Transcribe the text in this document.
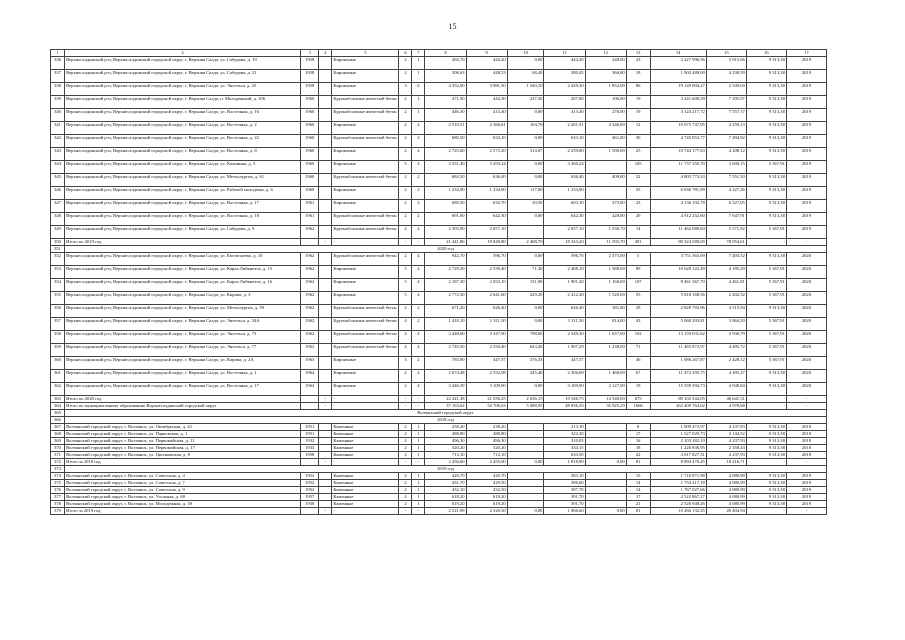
15
1	2	3	4	5	6	7	8	9	10	11	12	13	14	15	16	17
336	Верхнесалдинский р-н, Верхнесалдинский городской округ, г. Верхняя Салда, ул. Сабурова, д. 19	1958		Кирпичные	2	1	494,70	444,20	0,00	444,20	248,00	23	2 227 996,56	5 015,66	9 313,38	2019
337	Верхнесалдинский р-н, Верхнесалдинский городской округ, г. Верхняя Салда, ул. Сабурова, д. 21	1958		Кирпичные	2	1	506,63	448,53	68,40	380,45	366,00	18	1 902 489,00	4 238,59	9 313,38	2019
338	Верхнесалдинский р-н, Верхнесалдинский городской округ, г. Верхняя Салда, ул. Энгельса, д. 25	1958		Кирпичные	3	6	4 352,00	3 981,50	1 540,10	2 429,30	1 852,00	86	19 149 004,27	2 549,04	9 313,38	2019
339	Верхнесалдинский р-н, Верхнесалдинский городской округ, г. Верхняя Салда, п. Молодежный, д. 106	1960		Крупноблочные ячеистый бетон	2	1	471,50	444,30	237,30	207,00	106,00	19	3 241 600,59	7 295,97	9 313,38	2019
340	Верхнесалдинский р-н, Верхнесалдинский городской округ, г. Верхняя Салда, ул. Восточная, д. 16	1960		Крупноблочные ячеистый бетон	2	1	446,30	413,40	0,00	413,40	276,00	19	3 124 217,72	7 557,37	9 313,38	2019
341	Верхнесалдинский р-н, Верхнесалдинский городской округ, г. Верхняя Салда, ул. Восточная, д. 2	1960		Кирпичные	2	4	2 510,51	2 366,61	104,70	2 261,91	4 346,00	12	10 075 747,95	4 259,13	9 313,38	2019
342	Верхнесалдинский р-н, Верхнесалдинский городской округ, г. Верхняя Салда, ул. Восточная, д. 22	1960		Крупноблочные ячеистый бетон	2	2	680,50	633,10	0,00	633,10	461,00	30	4 745 053,77	7 494,92	9 313,38	2019
343	Верхнесалдинский р-н, Верхнесалдинский городской округ, г. Верхняя Салда, ул. Восточная, д. 8	1960		Кирпичные	2	4	2 725,60	2 573,20	314,07	2 259,80	1 590,00	25	10 744 177,63	4 208,12	9 313,38	2019
344	Верхнесалдинский р-н, Верхнесалдинский городской округ, г. Верхняя Салда, ул. Калинина, д. 5	1960		Кирпичные	5	4	3 551,40	3 293,24	0,00	3 260,24		105	11 737 350,70	3 600,15	5 367,91	2019
345	Верхнесалдинский р-н, Верхнесалдинский городской округ, г. Верхняя Салда, ул. Металлургов, д. 61	1960		Крупноблочные ячеистый бетон	2	2	684,50	636,40	0,00	636,40	409,00	22	4 805 773,33	7 551,50	9 313,38	2019
346	Верхнесалдинский р-н, Верхнесалдинский городской округ, г. Верхняя Салда, ул. Рабочей молодежи, д. 6	1960		Кирпичные	2	2	1 234,90	1 234,90	117,00	1 234,90		35	6 036 781,99	4 327,26	9 313,38	2019
347	Верхнесалдинский р-н, Верхнесалдинский городской округ, г. Верхняя Салда, ул. Восточная, д. 17	1961		Кирпичные	2	2	680,50	633,70	30,50	603,10	375,00	23	4 136 192,78	6 527,05	9 313,38	2019
348	Верхнесалдинский р-н, Верхнесалдинский городской округ, г. Верхняя Салда, ул. Восточная, д. 18	1961		Крупноблочные ячеистый бетон	2	2	691,00	642,30	0,00	642,30	428,00	29	4 912 252,60	7 647,91	9 313,38	2019
349	Верхнесалдинский р-н, Верхнесалдинский городской округ, г. Верхняя Салда, ул. Сабурова, д. 9	1962		Крупноблочные ячеистый бетон	4	4	2 303,90	2 057,10		2 057,10	1 536,70	14	11 462 080,84	5 571,92	5 367,91	2019
350	Итого по 2019 год		-	-	-	-	21 441,86	19 849,80	2 408,70	18 343,20	11 593,70	491	89 324 580,65	78 054,61	-	-
351	2020 год															
352	Верхнесалдинский р-н, Верхнесалдинский городской округ, г. Верхняя Салда, ул. Евстигнеева, д. 10	1962		Крупноблочные ячеистый бетон	2	4	942,70	596,70	0,00	596,70	2 575,00	5	3 751 365,69	7 403,52	9 313,38	2020
353	Верхнесалдинский р-н, Верхнесалдинский городской округ, г. Верхняя Салда, ул. Карла Либкнехта, д. 15	1962		Кирпичные	5	4	2 729,30	2 539,40	71,30	2 468,10	1 588,00	89	10 628 122,49	4 185,29	5 367,91	2020
354	Верхнесалдинский р-н, Верхнесалдинский городской округ, г. Верхняя Салда, ул. Карла Либкнехта, д. 16	1962		Кирпичные	5	4	2 187,30	2 053,10	151,90	1 901,20	1 160,00	107	8 461 367,70	4 461,81	5 367,91	2020
355	Верхнесалдинский р-н, Верхнесалдинский городской округ, г. Верхняя Салда, ул. Кирова, д. 3	1962		Кирпичные	5	4	2 772,30	2 641,60	229,20	2 412,40	1 520,00	55	5 818 168,56	2 202,52	5 367,91	2020
356	Верхнесалдинский р-н, Верхнесалдинский городской округ, г. Верхняя Салда, ул. Металлургов, д. 59	1962		Крупноблочные ячеистый бетон	2	2	671,20	626,40	0,00	626,40	381,00	29	2 828 783,96	4 515,94	9 313,38	2020
357	Верхнесалдинский р-н, Верхнесалдинский городской округ, г. Верхняя Салда, ул. Энгельса, д. 34А	1962		Крупноблочные ячеистый бетон	4	2	1 410,10	1 311,50	0,00	1 311,50	814,00	43	5 068 293,81	3 864,50	5 367,91	2020
358	Верхнесалдинский р-н, Верхнесалдинский городской округ, г. Верхняя Салда, ул. Энгельса, д. 73	1962		Крупноблочные ячеистый бетон	4	4	3 448,60	3 347,90	798,60	2 549,30	1 657,00	102	13 159 031,62	3 930,79	5 367,91	2020
359	Верхнесалдинский р-н, Верхнесалдинский городской округ, г. Верхняя Салда, ул. Энгельса, д. 77	1962		Крупноблочные ячеистый бетон	4	4	2 745,50	2 550,40	643,20	1 907,29	1 238,00	71	11 465 873,97	4 495,72	5 367,91	2020
360	Верхнесалдинский р-н, Верхнесалдинский городской округ, г. Верхняя Салда, ул. Кирова, д. 2А	1963		Кирпичные	3	2	783,90	447,37	376,33	447,37		46	1 086 267,87	2 428,12	5 367,91	2020
361	Верхнесалдинский р-н, Верхнесалдинский городской округ, г. Верхняя Салда, ул. Восточная, д. 1	1964		Кирпичные	2	4	2 674,48	2 552,08	245,40	2 306,68	1 460,00	67	11 472 295,75	4 495,27	9 313,38	2020
362	Верхнесалдинский р-н, Верхнесалдинский городской округ, г. Верхняя Салда, ул. Восточная, д. 17	1964		Кирпичные	2	4	3 446,39	3 109,90	0,00	3 109,90	2 127,00	19	15 339 594,73	4 948,84	9 313,38	2020
363	Итого по 2020 год		-	-	-	-	22 441,38	21 556,25	2 636,15	19 546,75	14 540,00	675	89 102 944,05	46 641,51	-	-
364	Итого по муниципальному образованию Верхнесалдинский городской округ		-	-	-	-	37 163,62	52 706,63	5 088,95	48 836,35	35 925,29	1666	262 409 764,62	4 978,68	-	-
365	Волчанский городской округ															
366	2018 год															
367	Волчанский городской округ, г. Волчанск, ул. Октябрьская, д. 22	1951		Каменные	2	1	238,20	238,20		213,10		8	1 009 473,97	4 237,83	9 313,38	2018
368	Волчанский городской округ, г. Волчанск, ул. Парковская, д. 1	1951		Каменные	2	1	488,80	488,80		322,20		17	1 527 029,73	3 144,52	9 313,38	2018
369	Волчанский городской округ, г. Волчанск, ул. Первомайская, д. 11	1932		Каменные	2	1	496,30	496,30		310,03		16	2 103 282,19	4 237,93	9 313,38	2018
370	Волчанский городской округ, г. Волчанск, ул. Первомайская, д. 17	1933		Каменные	2	1	520,20	520,20		334,15		18	1 226 836,95	2 358,43	9 313,38	2018
371	Волчанский городской округ, г. Волчанск, ул. Циолковская, д. 8	1958		Каменные	2	1	713,10	712,10		633,50		22	3 017 827,31	4 237,93	9 313,38	2018
372	Итого за 2018 год		-	-	-	-	2 456,60	2 455,60	0,00	1 818,90	0,00	81	8 894 470,45	18 216,71	-	-
373	2019 год															
374	Волчанский городской округ, г. Волчанск, ул. Советская, д. 4	1952		Каменные	2	1	420,70	420,70		383,10		15	1 716 871,98	4 080,99	9 313,38	2019
375	Волчанский городской округ, г. Волчанск, ул. Советская, д. 7	1952		Каменные	2	1	431,70	429,50		396,60		14	1 754 417,18	4 080,99	9 313,38	2019
376	Волчанский городской округ, г. Волчанск, ул. Советская, д. 9	1952		Каменные	2	1	432,10	432,50		397,70		14	1 767 027,66	4 080,99	9 313,38	2019
377	Волчанский городской округ, г. Волчанск, ул. Угольная, д. 60	1957		Каменные	2	1	618,20	618,20		391,70		17	2 522 867,27	4 080,99	9 313,38	2019
378	Волчанский городской округ, г. Волчанск, ул. Молодежная, д. 39	1958		Каменные	2	1	619,20	619,20		391,70		21	2 526 948,26	4 080,99	9 313,38	2019
379	Итого за 2019 год		-	-	-	-	2 521,99	2 520,50	0,00	1 966,60	0,00	81	10 266 132,25	20 404,94	-	-
